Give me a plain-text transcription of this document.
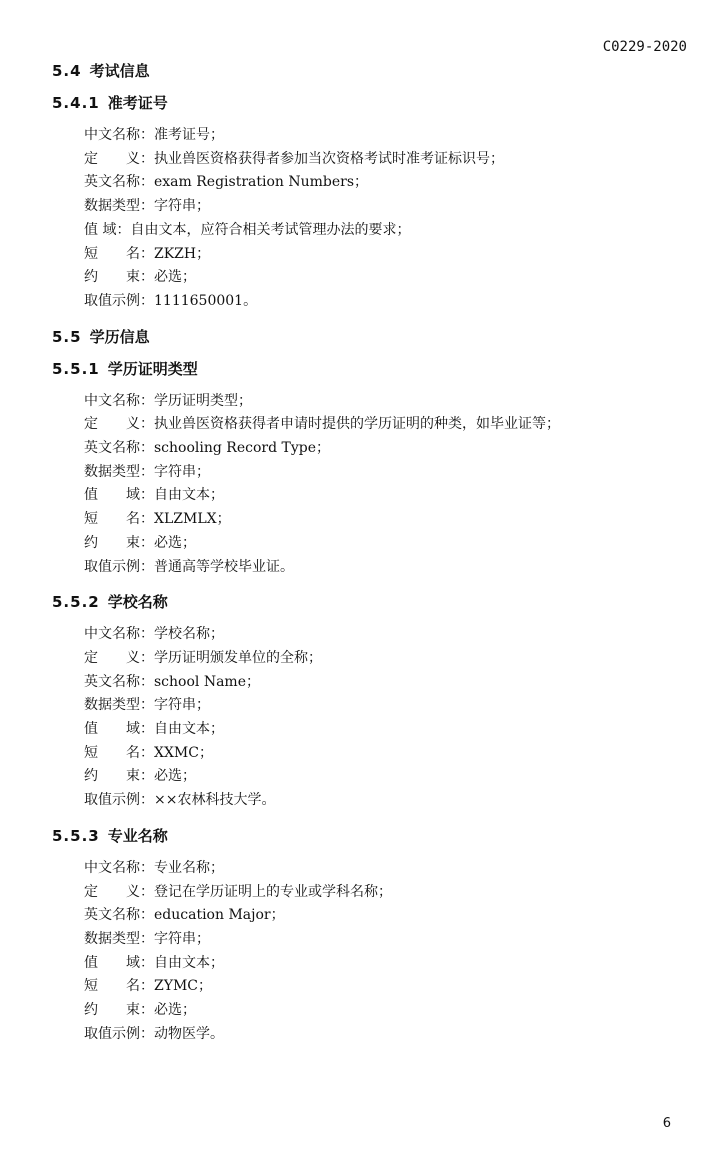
C0229-2020
5.4 考试信息
5.4.1 准考证号
中文名称：准考证号；
定　　义：执业兽医资格获得者参加当次资格考试时准考证标识号；
英文名称：exam Registration Numbers；
数据类型：字符串；
值 域：自由文本，应符合相关考试管理办法的要求；
短　　名：ZKZH；
约　　束：必选；
取值示例：1111650001。
5.5 学历信息
5.5.1 学历证明类型
中文名称：学历证明类型；
定　　义：执业兽医资格获得者申请时提供的学历证明的种类，如毕业证等；
英文名称：schooling Record Type；
数据类型：字符串；
值　　域：自由文本；
短　　名：XLZMLX；
约　　束：必选；
取值示例：普通高等学校毕业证。
5.5.2 学校名称
中文名称：学校名称；
定　　义：学历证明颁发单位的全称；
英文名称：school Name；
数据类型：字符串；
值　　域：自由文本；
短　　名：XXMC；
约　　束：必选；
取值示例：××农林科技大学。
5.5.3 专业名称
中文名称：专业名称；
定　　义：登记在学历证明上的专业或学科名称；
英文名称：education Major；
数据类型：字符串；
值　　域：自由文本；
短　　名：ZYMC；
约　　束：必选；
取值示例：动物医学。
6
